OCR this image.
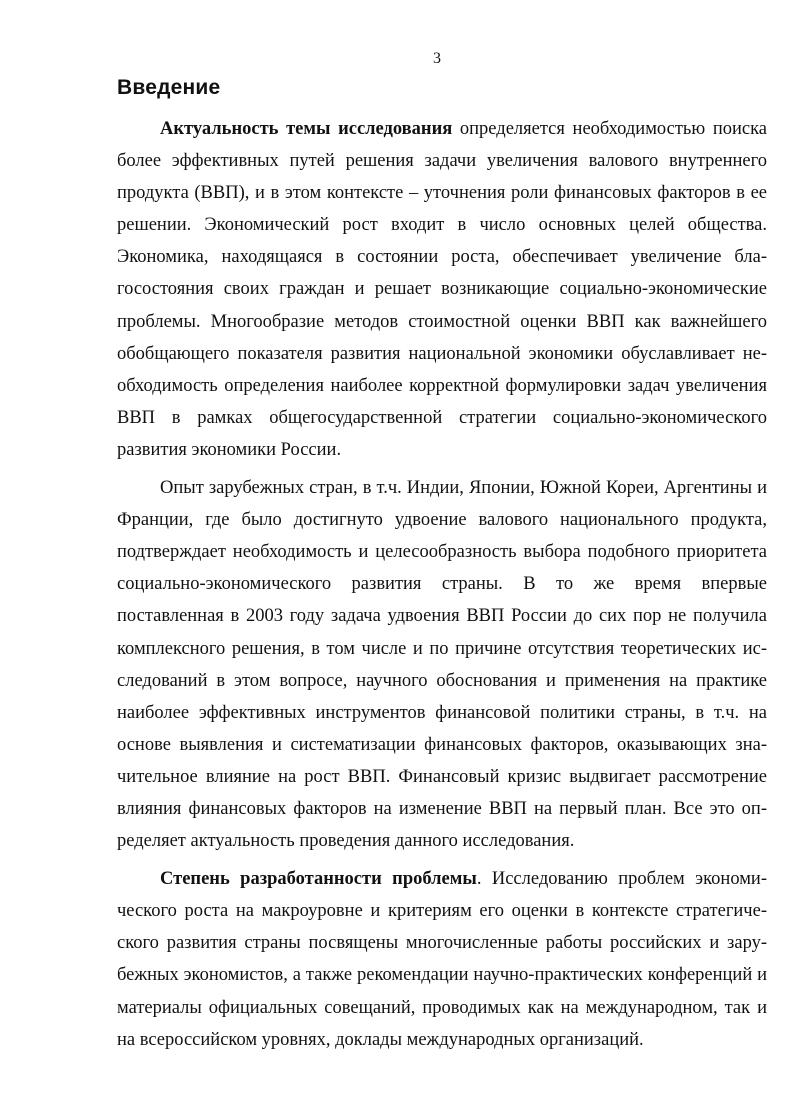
3
Введение

Актуальность темы исследования определяется необходимостью поиска более эффективных путей решения задачи увеличения валового внутреннего продукта (ВВП), и в этом контексте – уточнения роли финансовых факторов в ее решении. Экономический рост входит в число основных целей общества. Экономика, находящаяся в состоянии роста, обеспечивает увеличение благосостояния своих граждан и решает возникающие социально-экономические проблемы. Многообразие методов стоимостной оценки ВВП как важнейшего обобщающего показателя развития национальной экономики обуславливает необходимость определения наиболее корректной формулировки задач увеличения ВВП в рамках общегосударственной стратегии социально-экономического развития экономики России.

Опыт зарубежных стран, в т.ч. Индии, Японии, Южной Кореи, Аргентины и Франции, где было достигнуто удвоение валового национального продукта, подтверждает необходимость и целесообразность выбора подобного приоритета социально-экономического развития страны. В то же время впервые поставленная в 2003 году задача удвоения ВВП России до сих пор не получила комплексного решения, в том числе и по причине отсутствия теоретических исследований в этом вопросе, научного обоснования и применения на практике наиболее эффективных инструментов финансовой политики страны, в т.ч. на основе выявления и систематизации финансовых факторов, оказывающих значительное влияние на рост ВВП. Финансовый кризис выдвигает рассмотрение влияния финансовых факторов на изменение ВВП на первый план. Все это определяет актуальность проведения данного исследования.

Степень разработанности проблемы. Исследованию проблем экономического роста на макроуровне и критериям его оценки в контексте стратегического развития страны посвящены многочисленные работы российских и зарубежных экономистов, а также рекомендации научно-практических конференций и материалы официальных совещаний, проводимых как на международном, так и на всероссийском уровнях, доклады международных организаций.
